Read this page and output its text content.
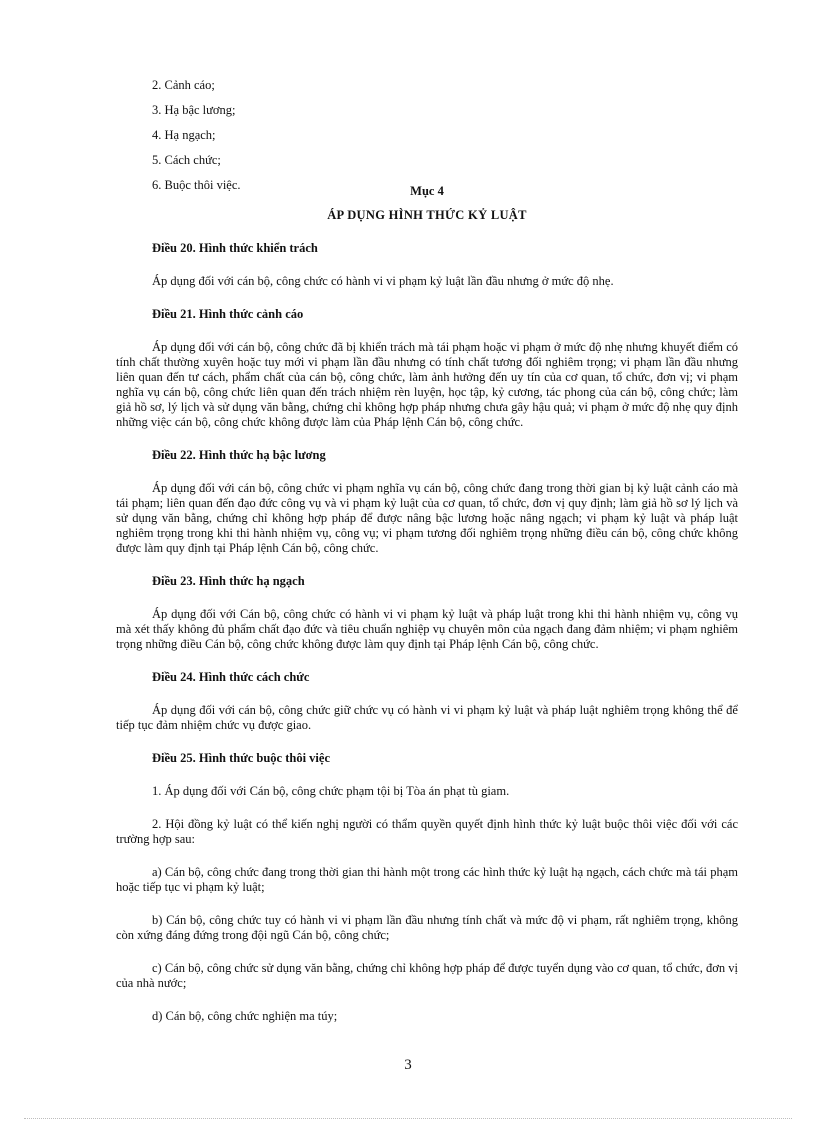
2. Cảnh cáo;
3. Hạ bậc lương;
4. Hạ ngạch;
5. Cách chức;
6. Buộc thôi việc.	Mục 4
ÁP DỤNG HÌNH THỨC KỶ LUẬT
Điều 20. Hình thức khiển trách

Áp dụng đối với cán bộ, công chức có hành vi vi phạm kỷ luật lần đầu nhưng ở mức độ nhẹ.

Điều 21. Hình thức cảnh cáo

Áp dụng đối với cán bộ, công chức đã bị khiển trách mà tái phạm hoặc vi phạm ở mức độ nhẹ nhưng khuyết điểm có tính chất thường xuyên hoặc tuy mới vi phạm lần đầu nhưng có tính chất tương đối nghiêm trọng; vi phạm lần đầu nhưng liên quan đến tư cách, phẩm chất của cán bộ, công chức, làm ảnh hưởng đến uy tín của cơ quan, tổ chức, đơn vị; vi phạm nghĩa vụ cán bộ, công chức liên quan đến trách nhiệm rèn luyện, học tập, kỷ cương, tác phong của cán bộ, công chức; làm giả hồ sơ, lý lịch và sử dụng văn bằng, chứng chỉ không hợp pháp nhưng chưa gây hậu quả; vi phạm ở mức độ nhẹ quy định những việc cán bộ, công chức không được làm của Pháp lệnh Cán bộ, công chức.

Điều 22. Hình thức hạ bậc lương

Áp dụng đối với cán bộ, công chức vi phạm nghĩa vụ cán bộ, công chức đang trong thời gian bị kỷ luật cảnh cáo mà tái phạm; liên quan đến đạo đức công vụ và vi phạm kỷ luật của cơ quan, tổ chức, đơn vị quy định; làm giả hồ sơ lý lịch và sử dụng văn bằng, chứng chỉ không hợp pháp để được nâng bậc lương hoặc nâng ngạch; vi phạm kỷ luật và pháp luật nghiêm trọng trong khi thi hành nhiệm vụ, công vụ; vi phạm tương đối nghiêm trọng những điều cán bộ, công chức không được làm quy định tại Pháp lệnh Cán bộ, công chức.

Điều 23. Hình thức hạ ngạch

Áp dụng đối với Cán bộ, công chức có hành vi vi phạm kỷ luật và pháp luật trong khi thi hành nhiệm vụ, công vụ mà xét thấy không đủ phẩm chất đạo đức và tiêu chuẩn nghiệp vụ chuyên môn của ngạch đang đảm nhiệm; vi phạm nghiêm trọng những điều Cán bộ, công chức không được làm quy định tại Pháp lệnh Cán bộ, công chức.

Điều 24. Hình thức cách chức

Áp dụng đối với cán bộ, công chức giữ chức vụ có hành vi vi phạm kỷ luật và pháp luật nghiêm trọng không thể để tiếp tục đảm nhiệm chức vụ được giao.

Điều 25. Hình thức buộc thôi việc

1. Áp dụng đối với Cán bộ, công chức phạm tội bị Tòa án phạt tù giam.

2. Hội đồng kỷ luật có thể kiến nghị người có thẩm quyền quyết định hình thức kỷ luật buộc thôi việc đối với các trường hợp sau:

a) Cán bộ, công chức đang trong thời gian thi hành một trong các hình thức kỷ luật hạ ngạch, cách chức mà tái phạm hoặc tiếp tục vi phạm kỷ luật;

b) Cán bộ, công chức tuy có hành vi vi phạm lần đầu nhưng tính chất và mức độ vi phạm, rất nghiêm trọng, không còn xứng đáng đứng trong đội ngũ Cán bộ, công chức;

c) Cán bộ, công chức sử dụng văn bằng, chứng chỉ không hợp pháp để được tuyển dụng vào cơ quan, tổ chức, đơn vị của nhà nước;

d) Cán bộ, công chức nghiện ma túy;

3
